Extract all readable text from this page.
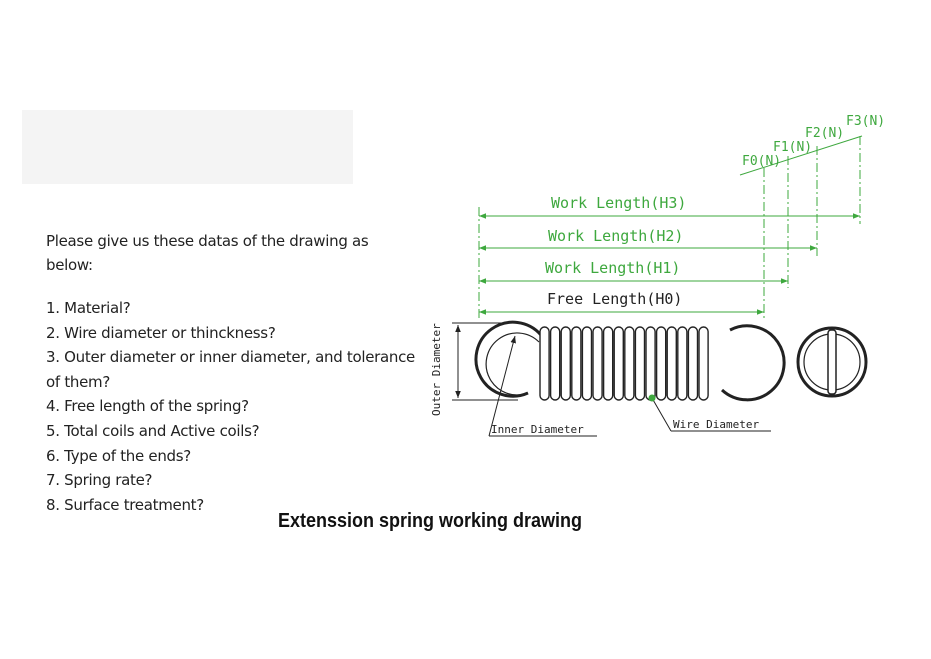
Please give us these datas of the drawing as below:

1. Material?
2. Wire diameter or thinckness?
3. Outer diameter or inner diameter, and tolerance of them?
4. Free length of the spring?
5. Total coils and Active coils?
6. Type of the ends?
7. Spring rate?
8. Surface treatment?
Work Length(H3)
Work Length(H2)
Work Length(H1)
Free Length(H0)
F0(N)
F1(N)
F2(N)
F3(N)
Outer Diameter
Inner Diameter	Wire Diameter
Extenssion spring working drawing
